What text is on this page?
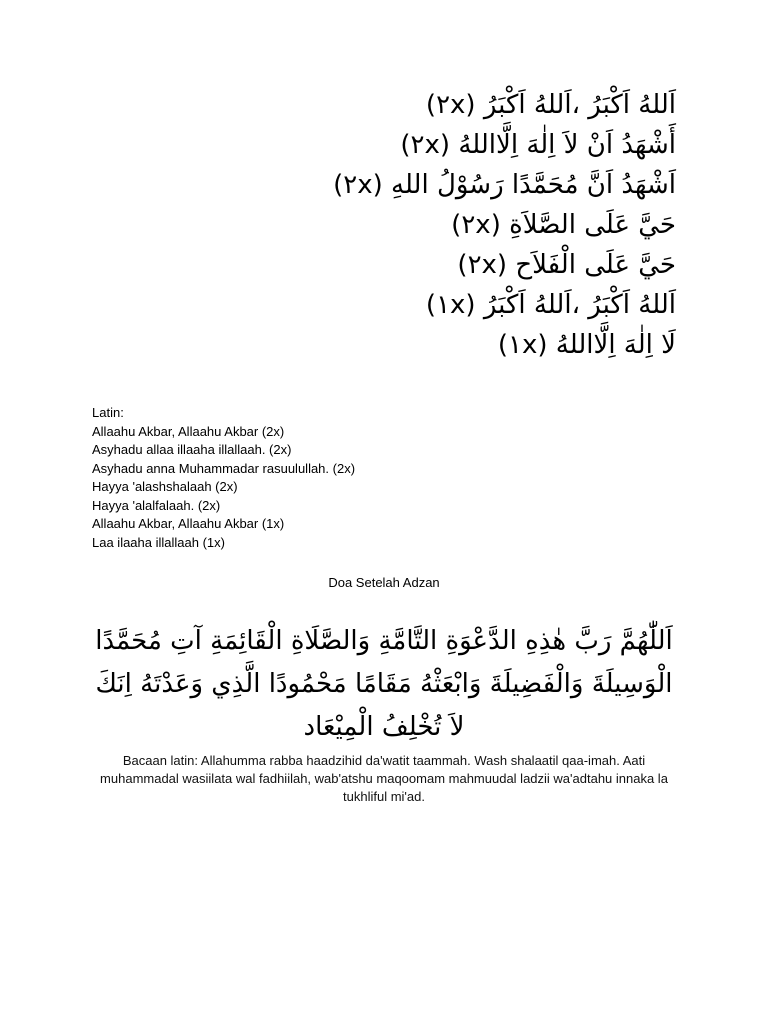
اَللهُ اَكْبَرُ ،اَللهُ اَكْبَرُ (٢x)
أَشْهَدُ اَنْ لاَ اِلٰهَ اِلَّااللهُ (٢x)
اَشْهَدُ اَنَّ مُحَمَّدًا رَسُوْلُ اللهِ (٢x)
حَيَّ عَلَى الصَّلاَةِ (٢x)
حَيَّ عَلَى الْفَلاَح (٢x)
اَللهُ اَكْبَرُ ،اَللهُ اَكْبَرُ (١x)
لَا اِلٰهَ اِلَّااللهُ (١x)
Latin:
Allaahu Akbar, Allaahu Akbar (2x)
Asyhadu allaa illaaha illallaah. (2x)
Asyhadu anna Muhammadar rasuulullah. (2x)
Hayya 'alashshalaah (2x)
Hayya 'alalfalaah. (2x)
Allaahu Akbar, Allaahu Akbar (1x)
Laa ilaaha illallaah (1x)
Doa Setelah Adzan
اَللّٰهُمَّ رَبَّ هٰذِهِ الدَّعْوَةِ التَّامَّةِ وَالصَّلَاةِ الْقَائِمَةِ آتِ مُحَمَّدًا الْوَسِيلَةَ وَالْفَضِيلَةَ وَابْعَثْهُ مَقَامًا مَحْمُودًا الَّذِي وَعَدْتَهُ اِنَكَ لاَ تُخْلِفُ الْمِيْعَاد
Bacaan latin: Allahumma rabba haadzihid da'watit taammah. Wash shalaatil qaa-imah. Aati muhammadal wasiilata wal fadhiilah, wab'atshu maqoomam mahmuudal ladzii wa'adtahu innaka la tukhliful mi'ad.
